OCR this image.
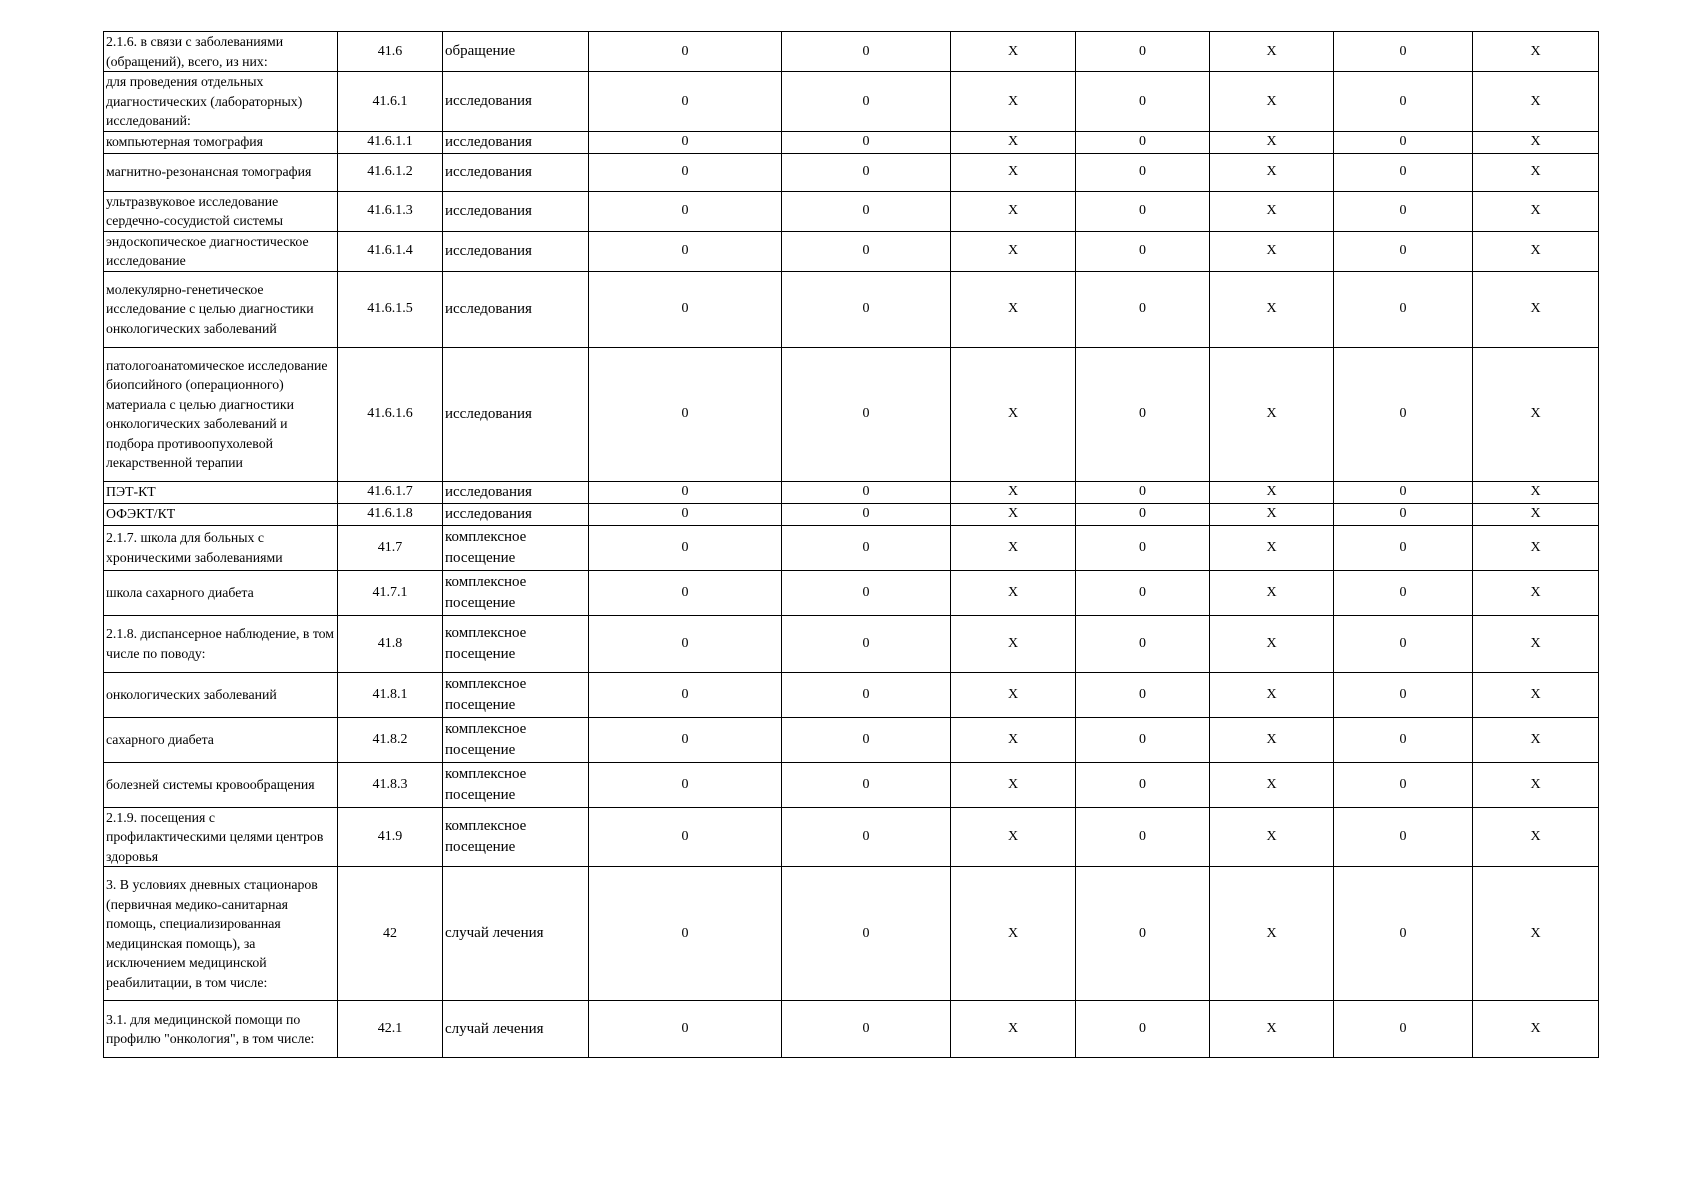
2.1.6. в связи с заболеваниями (обращений), всего, из них:	41.6	обращение	0	0	X	0	X	0	X
для проведения отдельных диагностических (лабораторных) исследований:	41.6.1	исследования	0	0	X	0	X	0	X
компьютерная томография	41.6.1.1	исследования	0	0	X	0	X	0	X
магнитно-резонансная томография	41.6.1.2	исследования	0	0	X	0	X	0	X
ультразвуковое исследование сердечно-сосудистой системы	41.6.1.3	исследования	0	0	X	0	X	0	X
эндоскопическое диагностическое исследование	41.6.1.4	исследования	0	0	X	0	X	0	X
молекулярно-генетическое исследование с целью диагностики онкологических заболеваний	41.6.1.5	исследования	0	0	X	0	X	0	X
патологоанатомическое исследование биопсийного (операционного) материала с целью диагностики онкологических заболеваний и подбора противоопухолевой лекарственной терапии	41.6.1.6	исследования	0	0	X	0	X	0	X
ПЭТ-КТ	41.6.1.7	исследования	0	0	X	0	X	0	X
ОФЭКТ/КТ	41.6.1.8	исследования	0	0	X	0	X	0	X
2.1.7. школа для больных с хроническими заболеваниями	41.7	комплексное посещение	0	0	X	0	X	0	X
школа сахарного диабета	41.7.1	комплексное посещение	0	0	X	0	X	0	X
2.1.8. диспансерное наблюдение, в том числе по поводу:	41.8	комплексное посещение	0	0	X	0	X	0	X
онкологических заболеваний	41.8.1	комплексное посещение	0	0	X	0	X	0	X
сахарного диабета	41.8.2	комплексное посещение	0	0	X	0	X	0	X
болезней системы кровообращения	41.8.3	комплексное посещение	0	0	X	0	X	0	X
2.1.9. посещения с профилактическими целями центров здоровья	41.9	комплексное посещение	0	0	X	0	X	0	X
3. В условиях дневных стационаров (первичная медико-санитарная помощь, специализированная медицинская помощь), за исключением медицинской реабилитации, в том числе:	42	случай лечения	0	0	X	0	X	0	X
3.1. для медицинской помощи по профилю "онкология", в том числе:	42.1	случай лечения	0	0	X	0	X	0	X
